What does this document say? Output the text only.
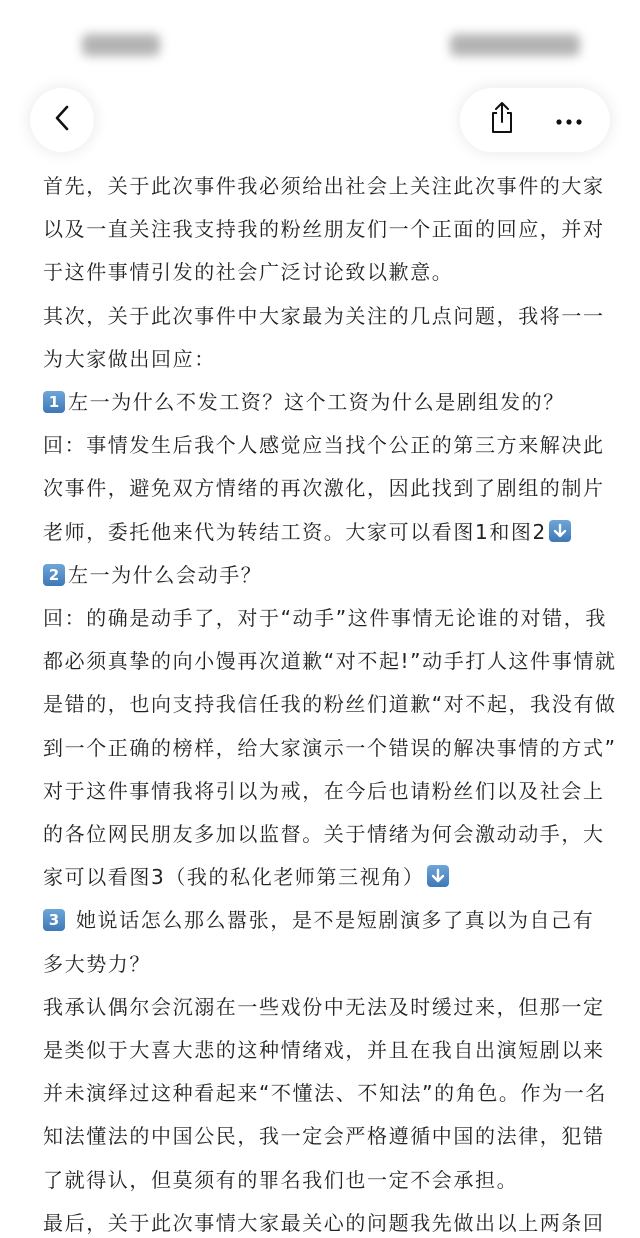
首先，关于此次事件我必须给出社会上关注此次事件的大家
以及一直关注我支持我的粉丝朋友们一个正面的回应，并对
于这件事情引发的社会广泛讨论致以歉意。
其次，关于此次事件中大家最为关注的几点问题，我将一一
为大家做出回应：
1 左一为什么不发工资？这个工资为什么是剧组发的？
回：事情发生后我个人感觉应当找个公正的第三方来解决此
次事件，避免双方情绪的再次激化，因此找到了剧组的制片
老师，委托他来代为转结工资。大家可以看图1和图2
2 左一为什么会动手？
回：的确是动手了，对于“动手”这件事情无论谁的对错，我
都必须真挚的向小馒再次道歉“对不起!”动手打人这件事情就
是错的，也向支持我信任我的粉丝们道歉“对不起，我没有做
到一个正确的榜样，给大家演示一个错误的解决事情的方式”
对于这件事情我将引以为戒，在今后也请粉丝们以及社会上
的各位网民朋友多加以监督。关于情绪为何会激动动手，大
家可以看图3（我的私化老师第三视角）
3 她说话怎么那么嚣张，是不是短剧演多了真以为自己有
多大势力？
我承认偶尔会沉溺在一些戏份中无法及时缓过来，但那一定
是类似于大喜大悲的这种情绪戏，并且在我自出演短剧以来
并未演绎过这种看起来“不懂法、不知法”的角色。作为一名
知法懂法的中国公民，我一定会严格遵循中国的法律，犯错
了就得认，但莫须有的罪名我们也一定不会承担。
最后，关于此次事情大家最关心的问题我先做出以上两条回
